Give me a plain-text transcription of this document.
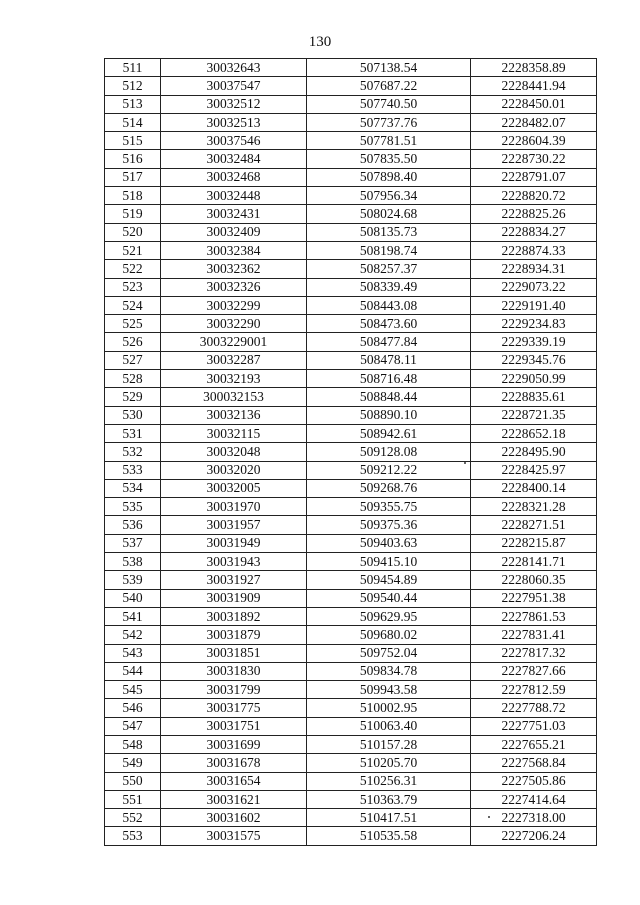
130
511	30032643	507138.54	2228358.89
512	30037547	507687.22	2228441.94
513	30032512	507740.50	2228450.01
514	30032513	507737.76	2228482.07
515	30037546	507781.51	2228604.39
516	30032484	507835.50	2228730.22
517	30032468	507898.40	2228791.07
518	30032448	507956.34	2228820.72
519	30032431	508024.68	2228825.26
520	30032409	508135.73	2228834.27
521	30032384	508198.74	2228874.33
522	30032362	508257.37	2228934.31
523	30032326	508339.49	2229073.22
524	30032299	508443.08	2229191.40
525	30032290	508473.60	2229234.83
526	3003229001	508477.84	2229339.19
527	30032287	508478.11	2229345.76
528	30032193	508716.48	2229050.99
529	300032153	508848.44	2228835.61
530	30032136	508890.10	2228721.35
531	30032115	508942.61	2228652.18
532	30032048	509128.08	2228495.90
533	30032020	509212.22	2228425.97
534	30032005	509268.76	2228400.14
535	30031970	509355.75	2228321.28
536	30031957	509375.36	2228271.51
537	30031949	509403.63	2228215.87
538	30031943	509415.10	2228141.71
539	30031927	509454.89	2228060.35
540	30031909	509540.44	2227951.38
541	30031892	509629.95	2227861.53
542	30031879	509680.02	2227831.41
543	30031851	509752.04	2227817.32
544	30031830	509834.78	2227827.66
545	30031799	509943.58	2227812.59
546	30031775	510002.95	2227788.72
547	30031751	510063.40	2227751.03
548	30031699	510157.28	2227655.21
549	30031678	510205.70	2227568.84
550	30031654	510256.31	2227505.86
551	30031621	510363.79	2227414.64
552	30031602	510417.51	2227318.00
553	30031575	510535.58	2227206.24
